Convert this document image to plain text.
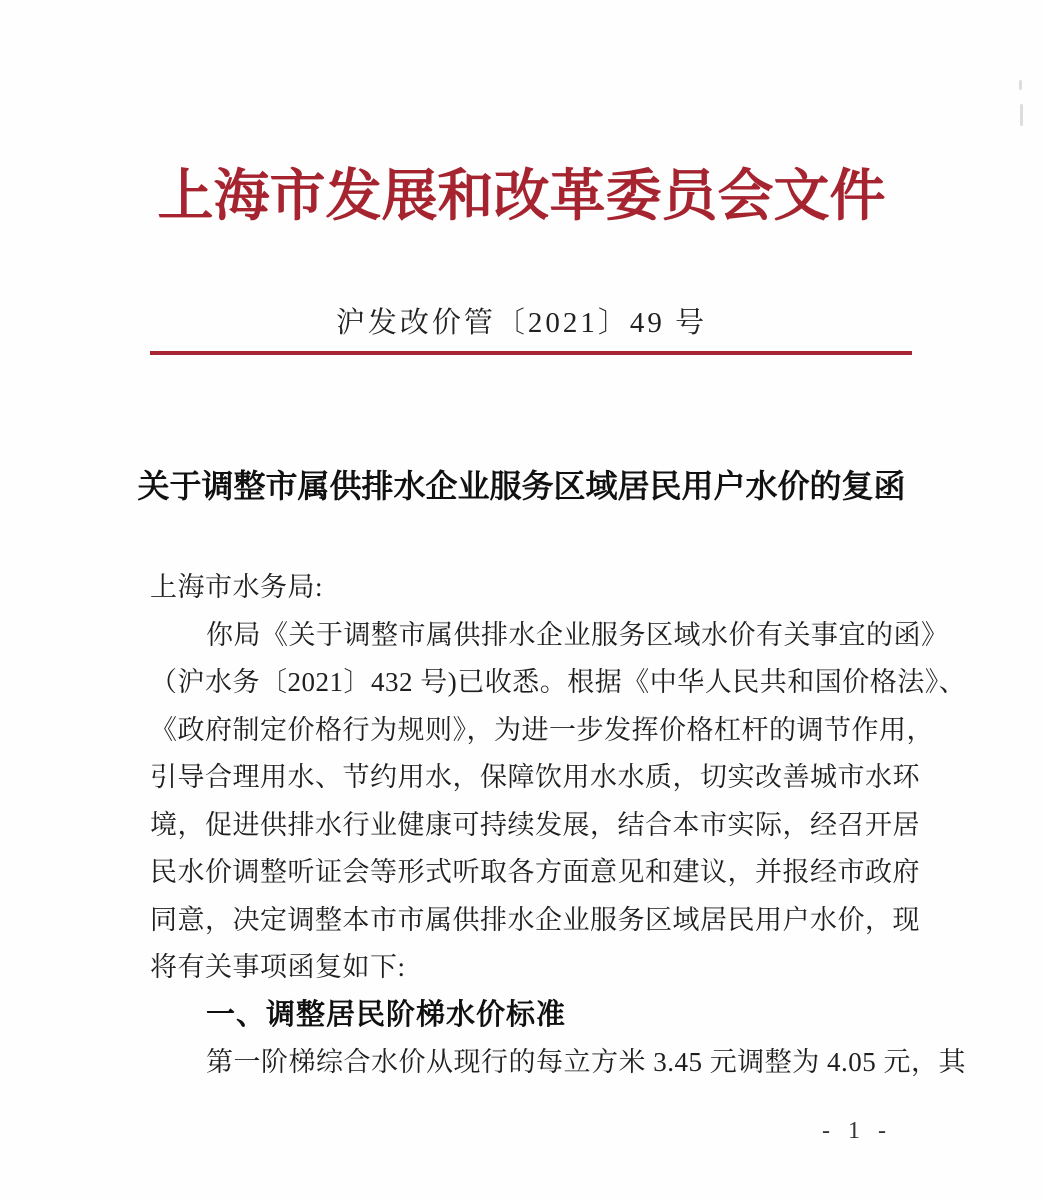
上海市发展和改革委员会文件
沪发改价管〔2021〕49 号
关于调整市属供排水企业服务区域居民用户水价的复函
上海市水务局:
你局《关于调整市属供排水企业服务区域水价有关事宜的函》
（沪水务〔2021〕432 号)已收悉。根据《中华人民共和国价格法》、
《政府制定价格行为规则》，为进一步发挥价格杠杆的调节作用，
引导合理用水、节约用水，保障饮用水水质，切实改善城市水环
境，促进供排水行业健康可持续发展，结合本市实际，经召开居
民水价调整听证会等形式听取各方面意见和建议，并报经市政府
同意，决定调整本市市属供排水企业服务区域居民用户水价，现
将有关事项函复如下:
一、调整居民阶梯水价标准
第一阶梯综合水价从现行的每立方米 3.45 元调整为 4.05 元，其
- 1 -
